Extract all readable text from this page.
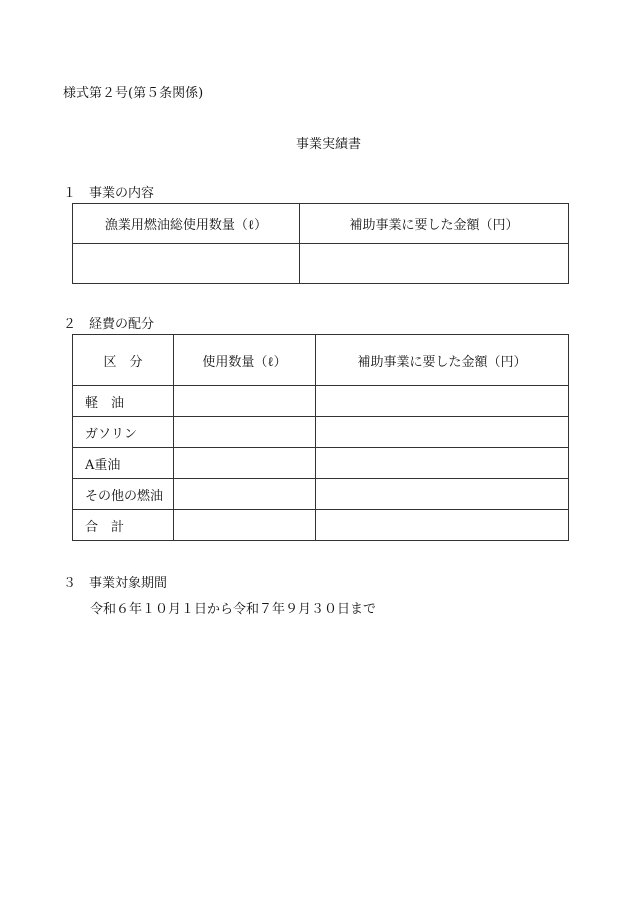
様式第２号(第５条関係)
事業実績書
１　事業の内容
漁業用燃油総使用数量（ℓ）	補助事業に要した金額（円）

２　経費の配分
区　分	使用数量（ℓ）	補助事業に要した金額（円）
軽　油		
ガソリン		
A重油		
その他の燃油		
合　計		
３　事業対象期間
令和６年１０月１日から令和７年９月３０日まで
